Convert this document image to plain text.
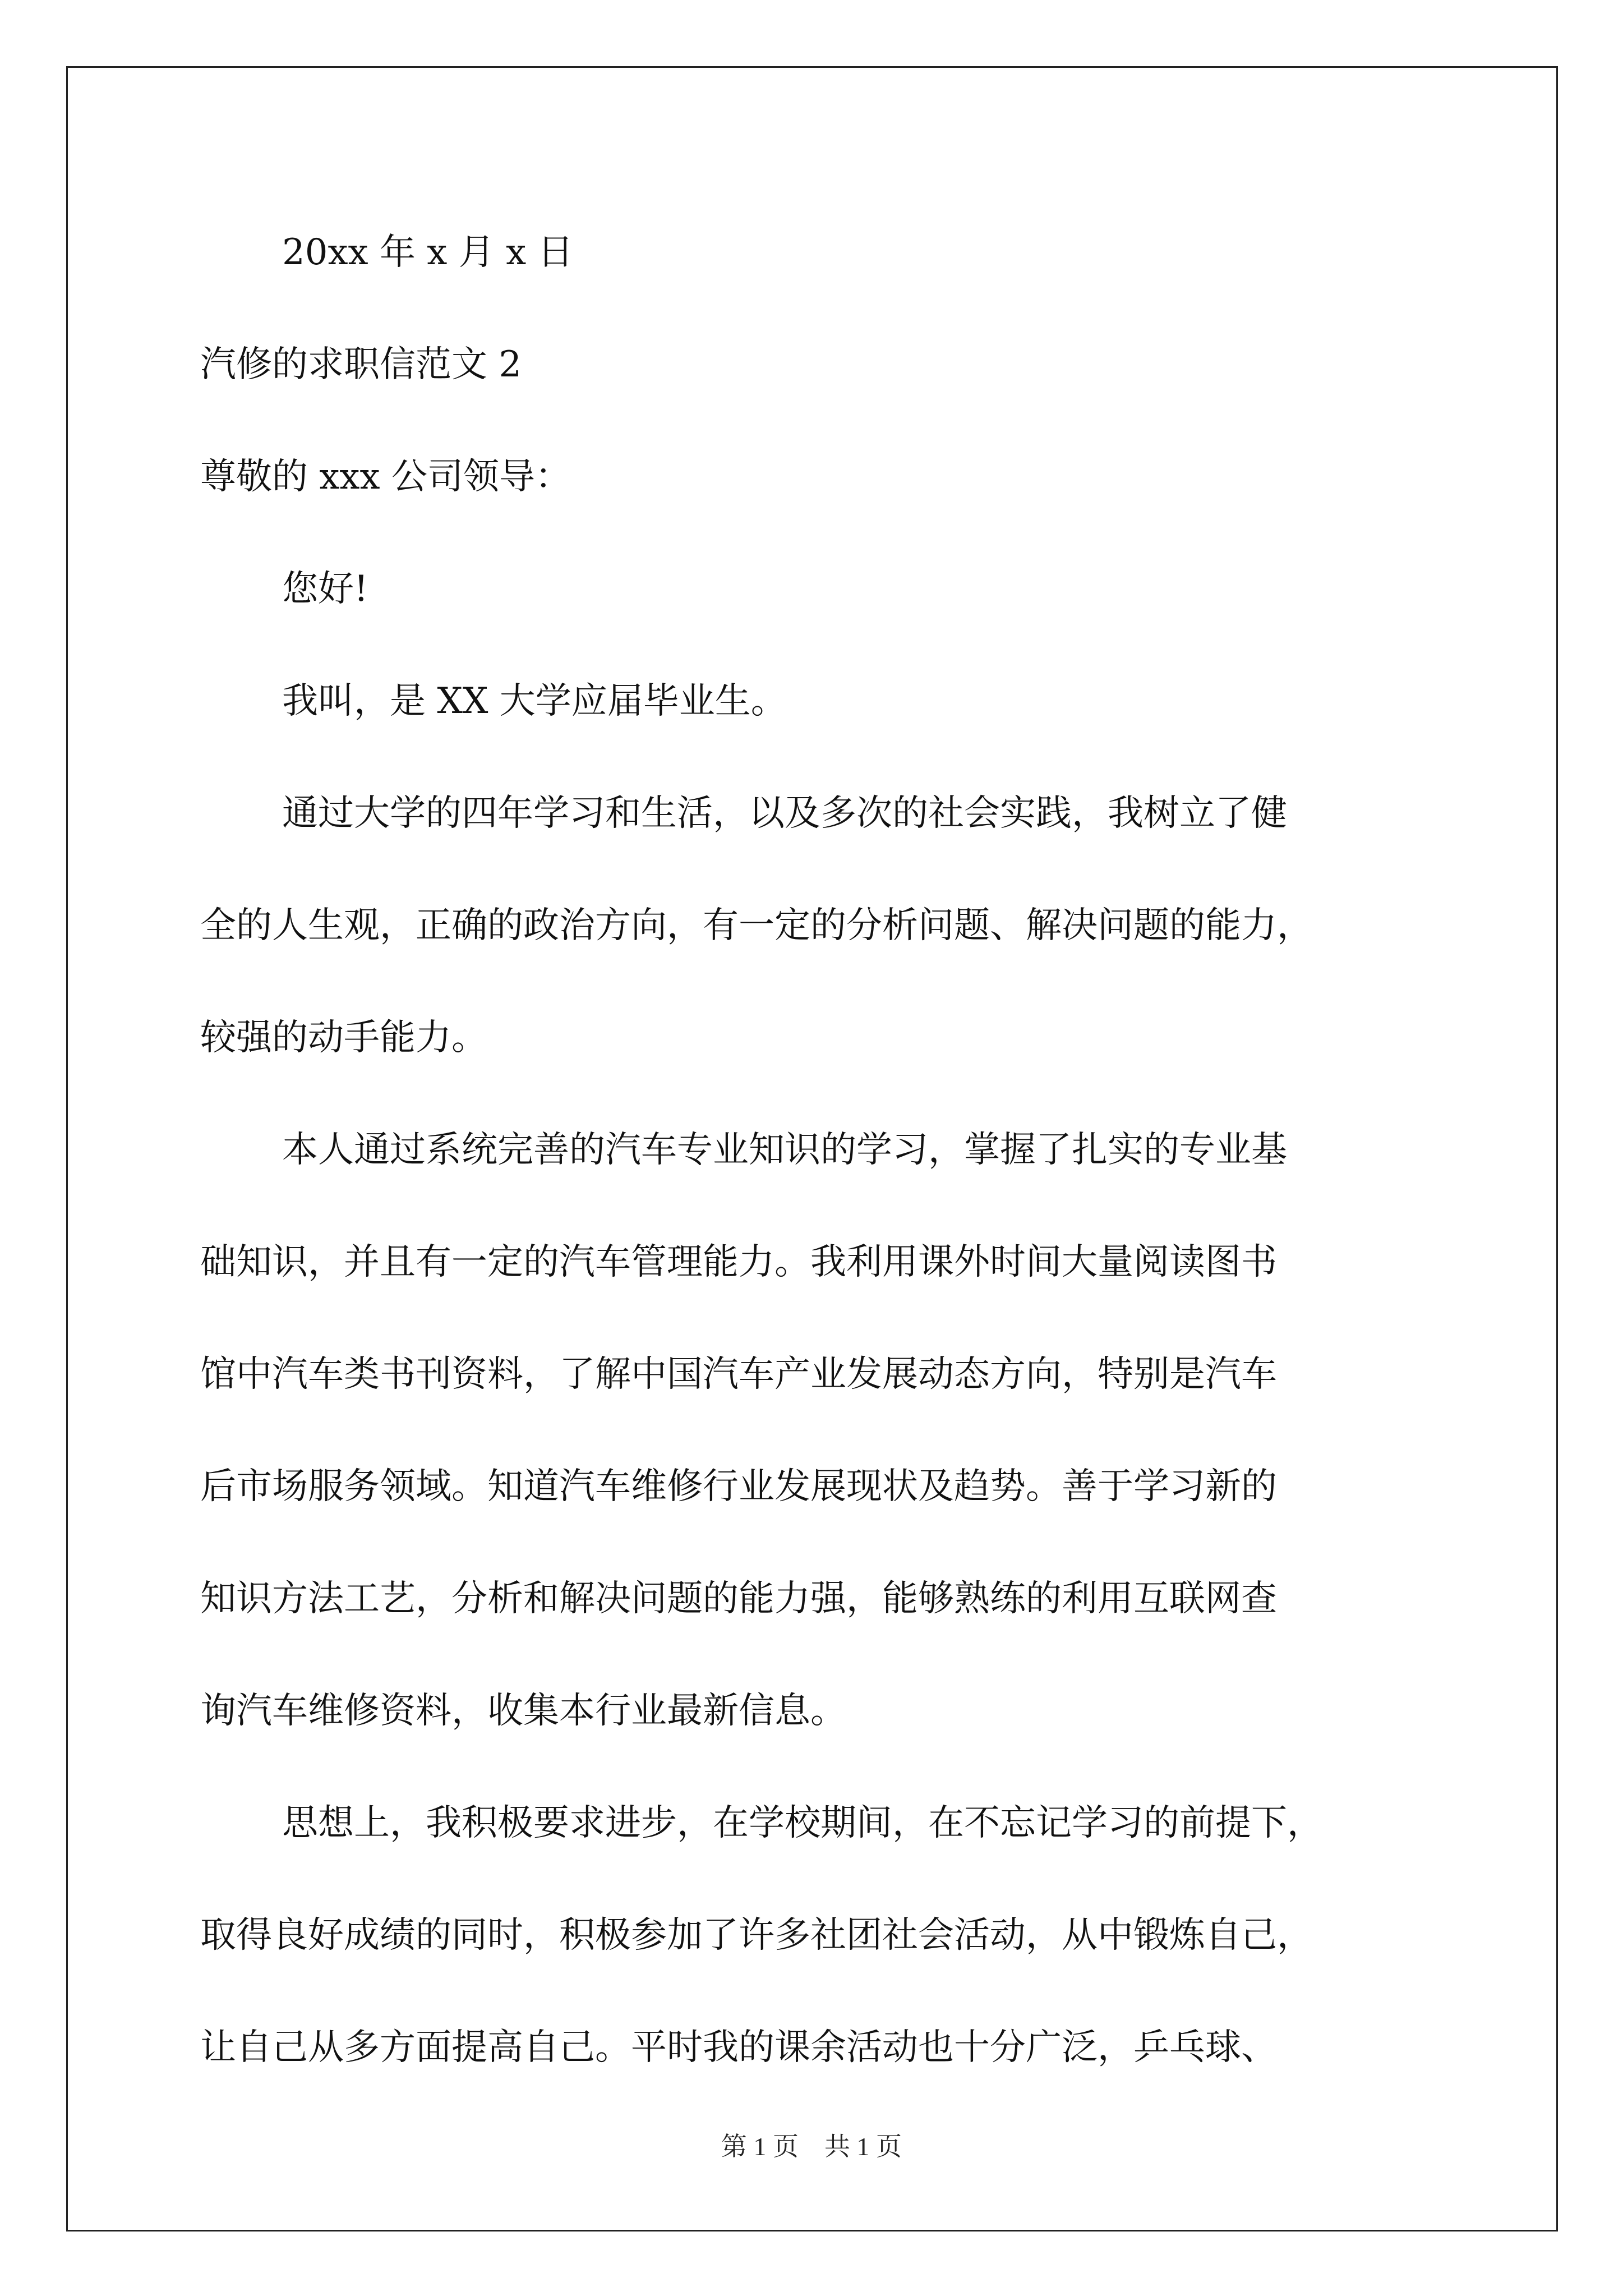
20xx 年 x 月 x 日
汽修的求职信范文 2
尊敬的 xxx 公司领导：
您好!
我叫，是 XX 大学应届毕业生。
通过大学的四年学习和生活，以及多次的社会实践，我树立了健
全的人生观，正确的政治方向，有一定的分析问题、解决问题的能力，
较强的动手能力。
本人通过系统完善的汽车专业知识的学习，掌握了扎实的专业基
础知识，并且有一定的汽车管理能力。我利用课外时间大量阅读图书
馆中汽车类书刊资料，了解中国汽车产业发展动态方向，特别是汽车
后市场服务领域。知道汽车维修行业发展现状及趋势。善于学习新的
知识方法工艺，分析和解决问题的能力强，能够熟练的利用互联网查
询汽车维修资料，收集本行业最新信息。
思想上，我积极要求进步，在学校期间，在不忘记学习的前提下，
取得良好成绩的同时，积极参加了许多社团社会活动，从中锻炼自己，
让自己从多方面提高自己。平时我的课余活动也十分广泛，乒乓球、
第 1 页　共 1 页
